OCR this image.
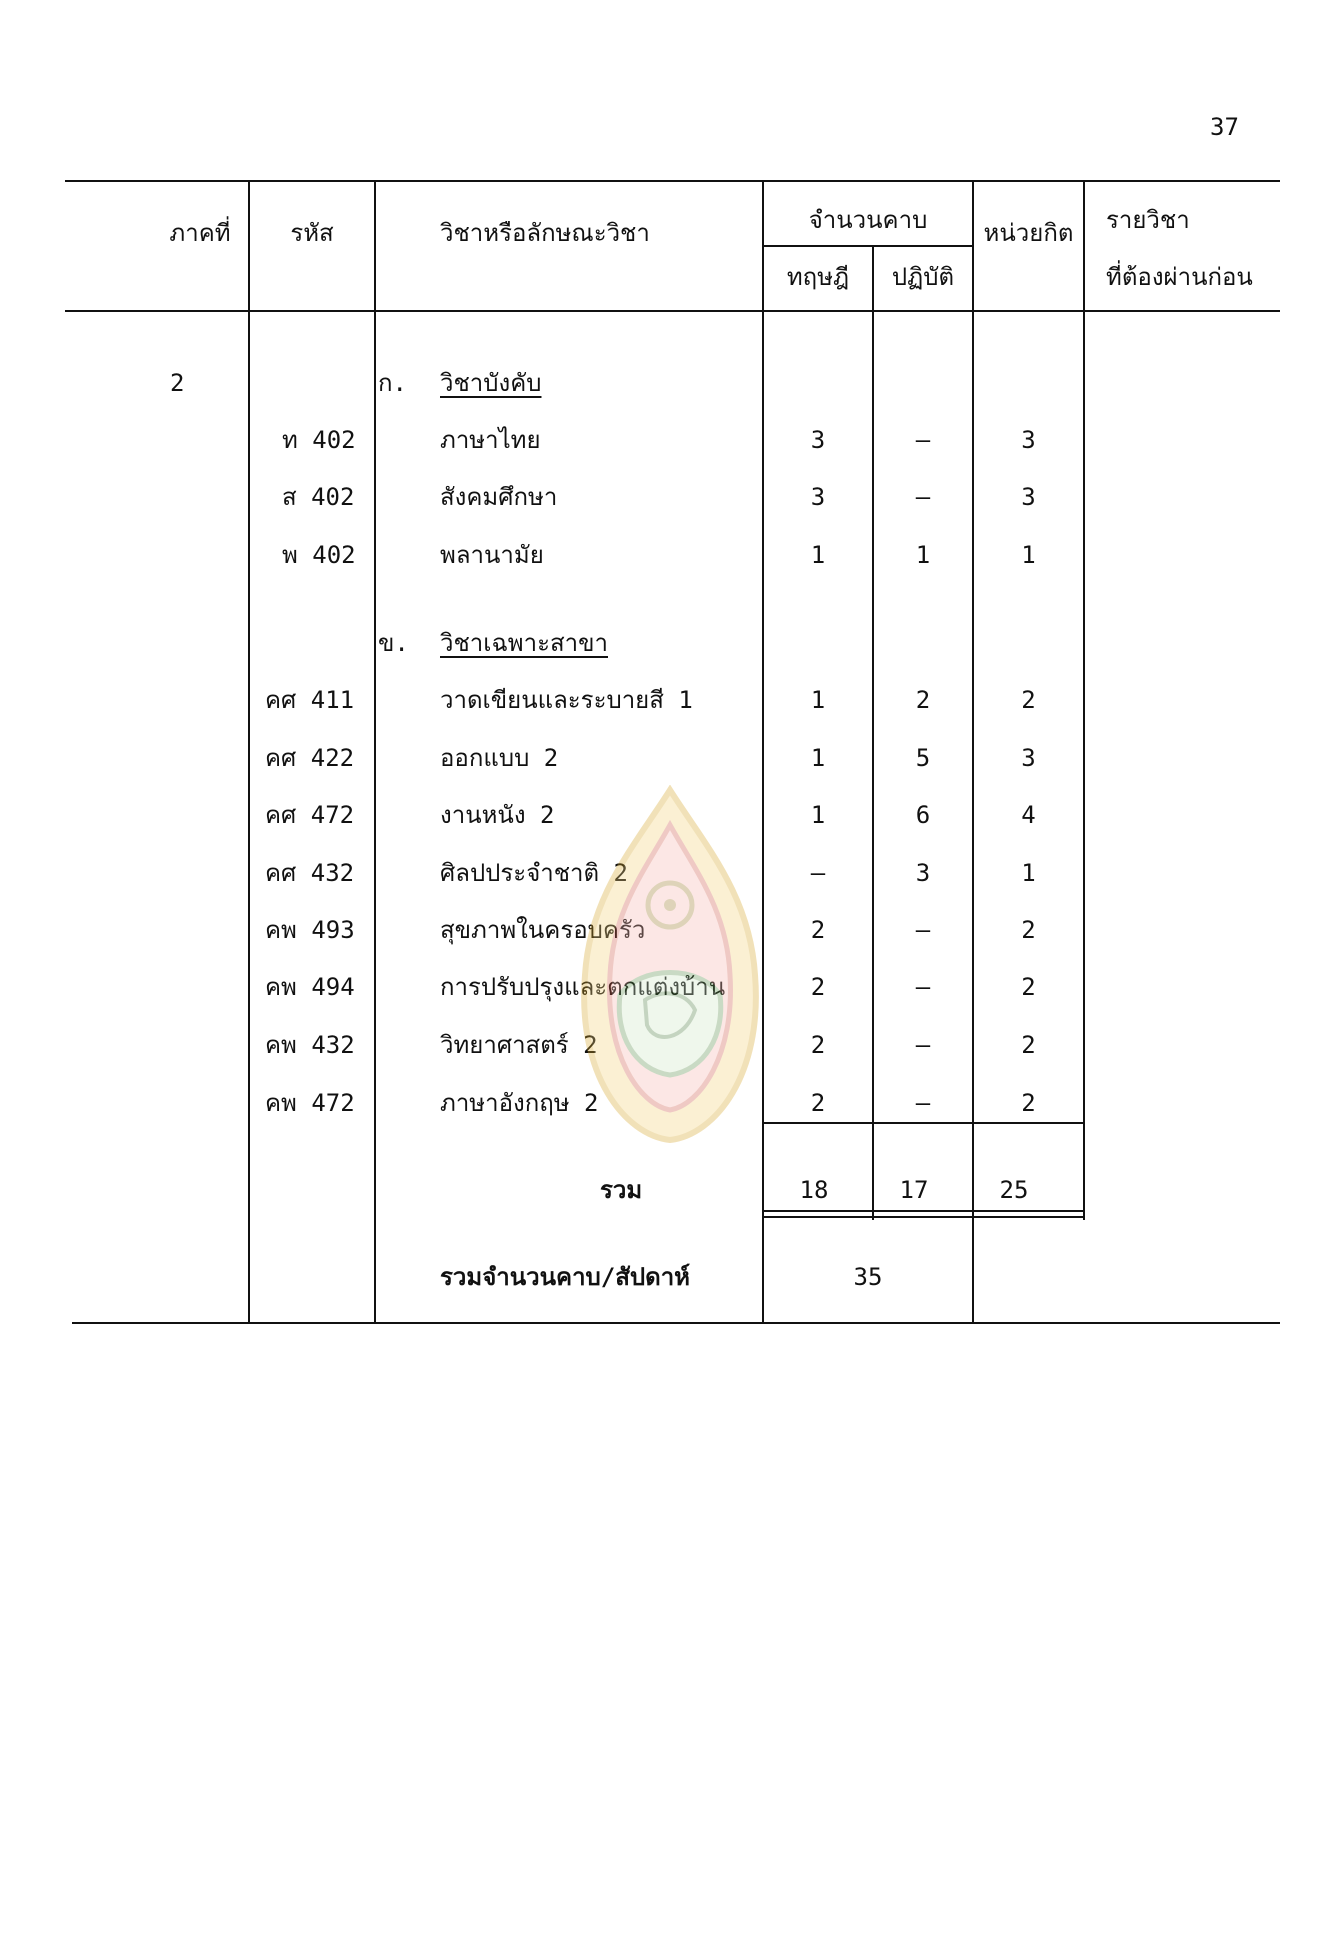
37
ภาคที่	รหัส	วิชาหรือลักษณะวิชา	จำนวนคาบ
ทฤษฎี	ปฏิบัติ
หน่วยกิต	รายวิชา
ที่ต้องผ่านก่อน
2	ก. วิชาบังคับ
ท 402	ภาษาไทย	3	–	3
ส 402	สังคมศึกษา	3	–	3
พ 402	พลานามัย	1	1	1
ข. วิชาเฉพาะสาขา
คศ 411	วาดเขียนและระบายสี 1	1	2	2
คศ 422	ออกแบบ 2	1	5	3
คศ 472	งานหนัง 2	1	6	4
คศ 432	ศิลปประจำชาติ 2	–	3	1
คพ 493	สุขภาพในครอบครัว	2	–	2
คพ 494	การปรับปรุงและตกแต่งบ้าน	2	–	2
คพ 432	วิทยาศาสตร์ 2	2	–	2
คพ 472	ภาษาอังกฤษ 2	2	–	2
รวม	18	17	25
รวมจำนวนคาบ/สัปดาห์	35
